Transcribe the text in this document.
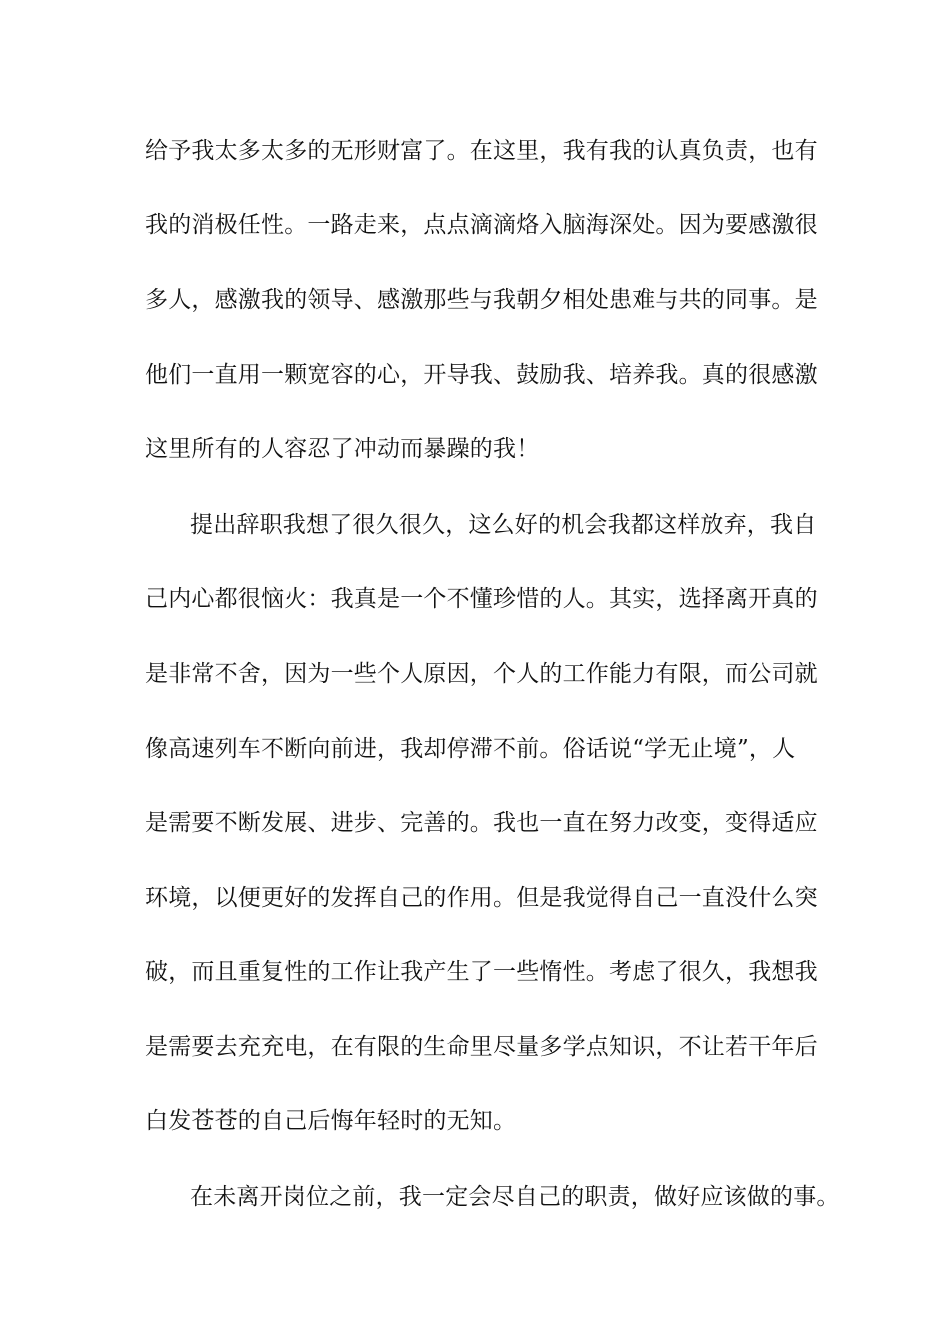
给予我太多太多的无形财富了。在这里，我有我的认真负责，也有
我的消极任性。一路走来，点点滴滴烙入脑海深处。因为要感激很
多人，感激我的领导、感激那些与我朝夕相处患难与共的同事。是
他们一直用一颗宽容的心，开导我、鼓励我、培养我。真的很感激
这里所有的人容忍了冲动而暴躁的我！
提出辞职我想了很久很久，这么好的机会我都这样放弃，我自
己内心都很恼火：我真是一个不懂珍惜的人。其实，选择离开真的
是非常不舍，因为一些个人原因，个人的工作能力有限，而公司就
像高速列车不断向前进，我却停滞不前。俗话说“学无止境”，人
是需要不断发展、进步、完善的。我也一直在努力改变，变得适应
环境，以便更好的发挥自己的作用。但是我觉得自己一直没什么突
破，而且重复性的工作让我产生了一些惰性。考虑了很久，我想我
是需要去充充电，在有限的生命里尽量多学点知识，不让若干年后
白发苍苍的自己后悔年轻时的无知。
在未离开岗位之前，我一定会尽自己的职责，做好应该做的事。
